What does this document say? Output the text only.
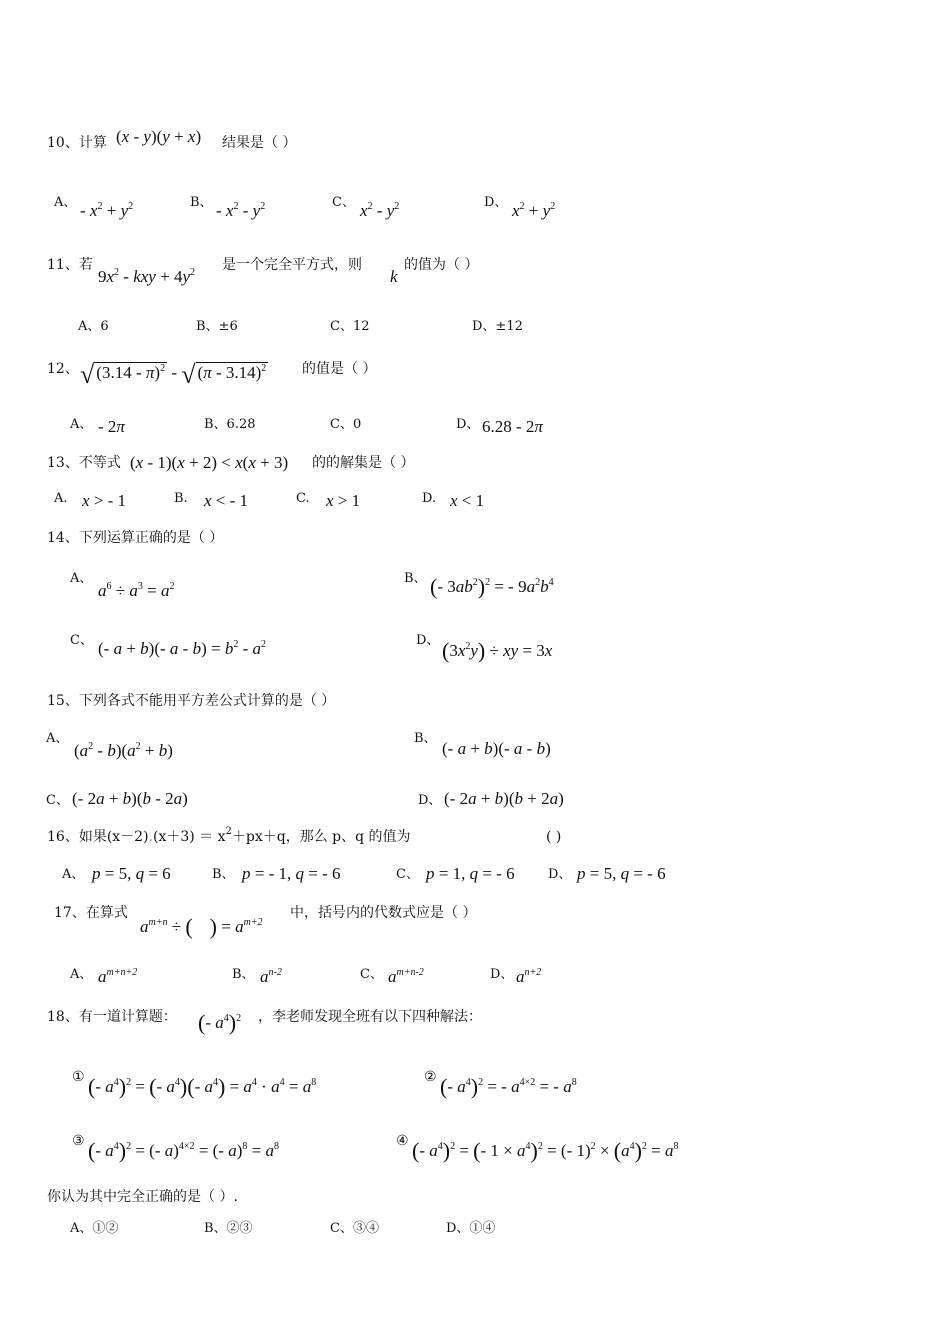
10、计算 (x - y)(y + x) 结果是（ ）
A、 - $x^2 + y^2$	B、 - $x^2 - y^2$	C、 $x^2 - y^2$	D、 $x^2 + y^2$
11、若
$9x^2$ - kxy + $4y^2$ 是一个完全平方式，则
k
的值为（ ）
A、6	B、±6	C、12	D、±12
12、 √ (3.14 - π)$^2$ - √ (π - 3.14)$^2$	的值是（ ）
A、 - 2π	B、6.28	C、0	D、 6.28 - 2π
13、不等式 (x - 1)(x + 2) < x(x + 3) 的的解集是（ ）
A. x > - 1	B. x < - 1	C. x > 1	D. x < 1
14、下列运算正确的是（ ）
A、
$a^6 \div a^3 = a^2$
B、 (- $3ab^2)^2$ = - $9a^2b^4$
C、 (- a + b)(- $a - b) = b^2 - a^2$	D、 $(3x^2y)$ ÷ xy = 3x
15、下列各式不能用平方差公式计算的是（ ）
A、
$(a^2 - b)(a^2 + b)$
B、
(- a + b)(- a - b)
C、 (- 2a + b)(b - 2a)	D、 (- 2a + b)(b + 2a)
16、如果$(x-2).(x+3) = x^2+px+q$，那么 p、q 的值为	( )
A、 p = 5, q = 6	B、 p = - 1, q = - 6	C、 p = 1, q = - 6	D、 p = 5, q = - 6
17、在算式
$a^{m+n}$ ÷ ( ) = $a^{m+2}$
中，括号内的代数式应是（ ）
A、 $a^{m+n+2}$	B、 $a^{n-2}$	C、 $a^{m+n-2}$	D、 $a^{n+2}$
18、有一道计算题： (- $a^4)^2$ ，李老师发现全班有以下四种解法：
① (- $a^4)^2$ = (- $a^4)(-$ $a^4) = a^4 \cdot a^4 = a^8$	② (- $a^4)^2$ = - $a^{4\times 2}$ = - $a^8$
③ (- $a^4)^2$ = (- a)$^{4\times 2}$ = (- $a)^8 = a^8$	④ (- $a^4)^2$ = (- $1 \times a^4)^2$ = (- $1)^2 \times (a^4)^2 = a^8$
你认为其中完全正确的是（ ）.
A、①②	B、②③	C、③④	D、①④
